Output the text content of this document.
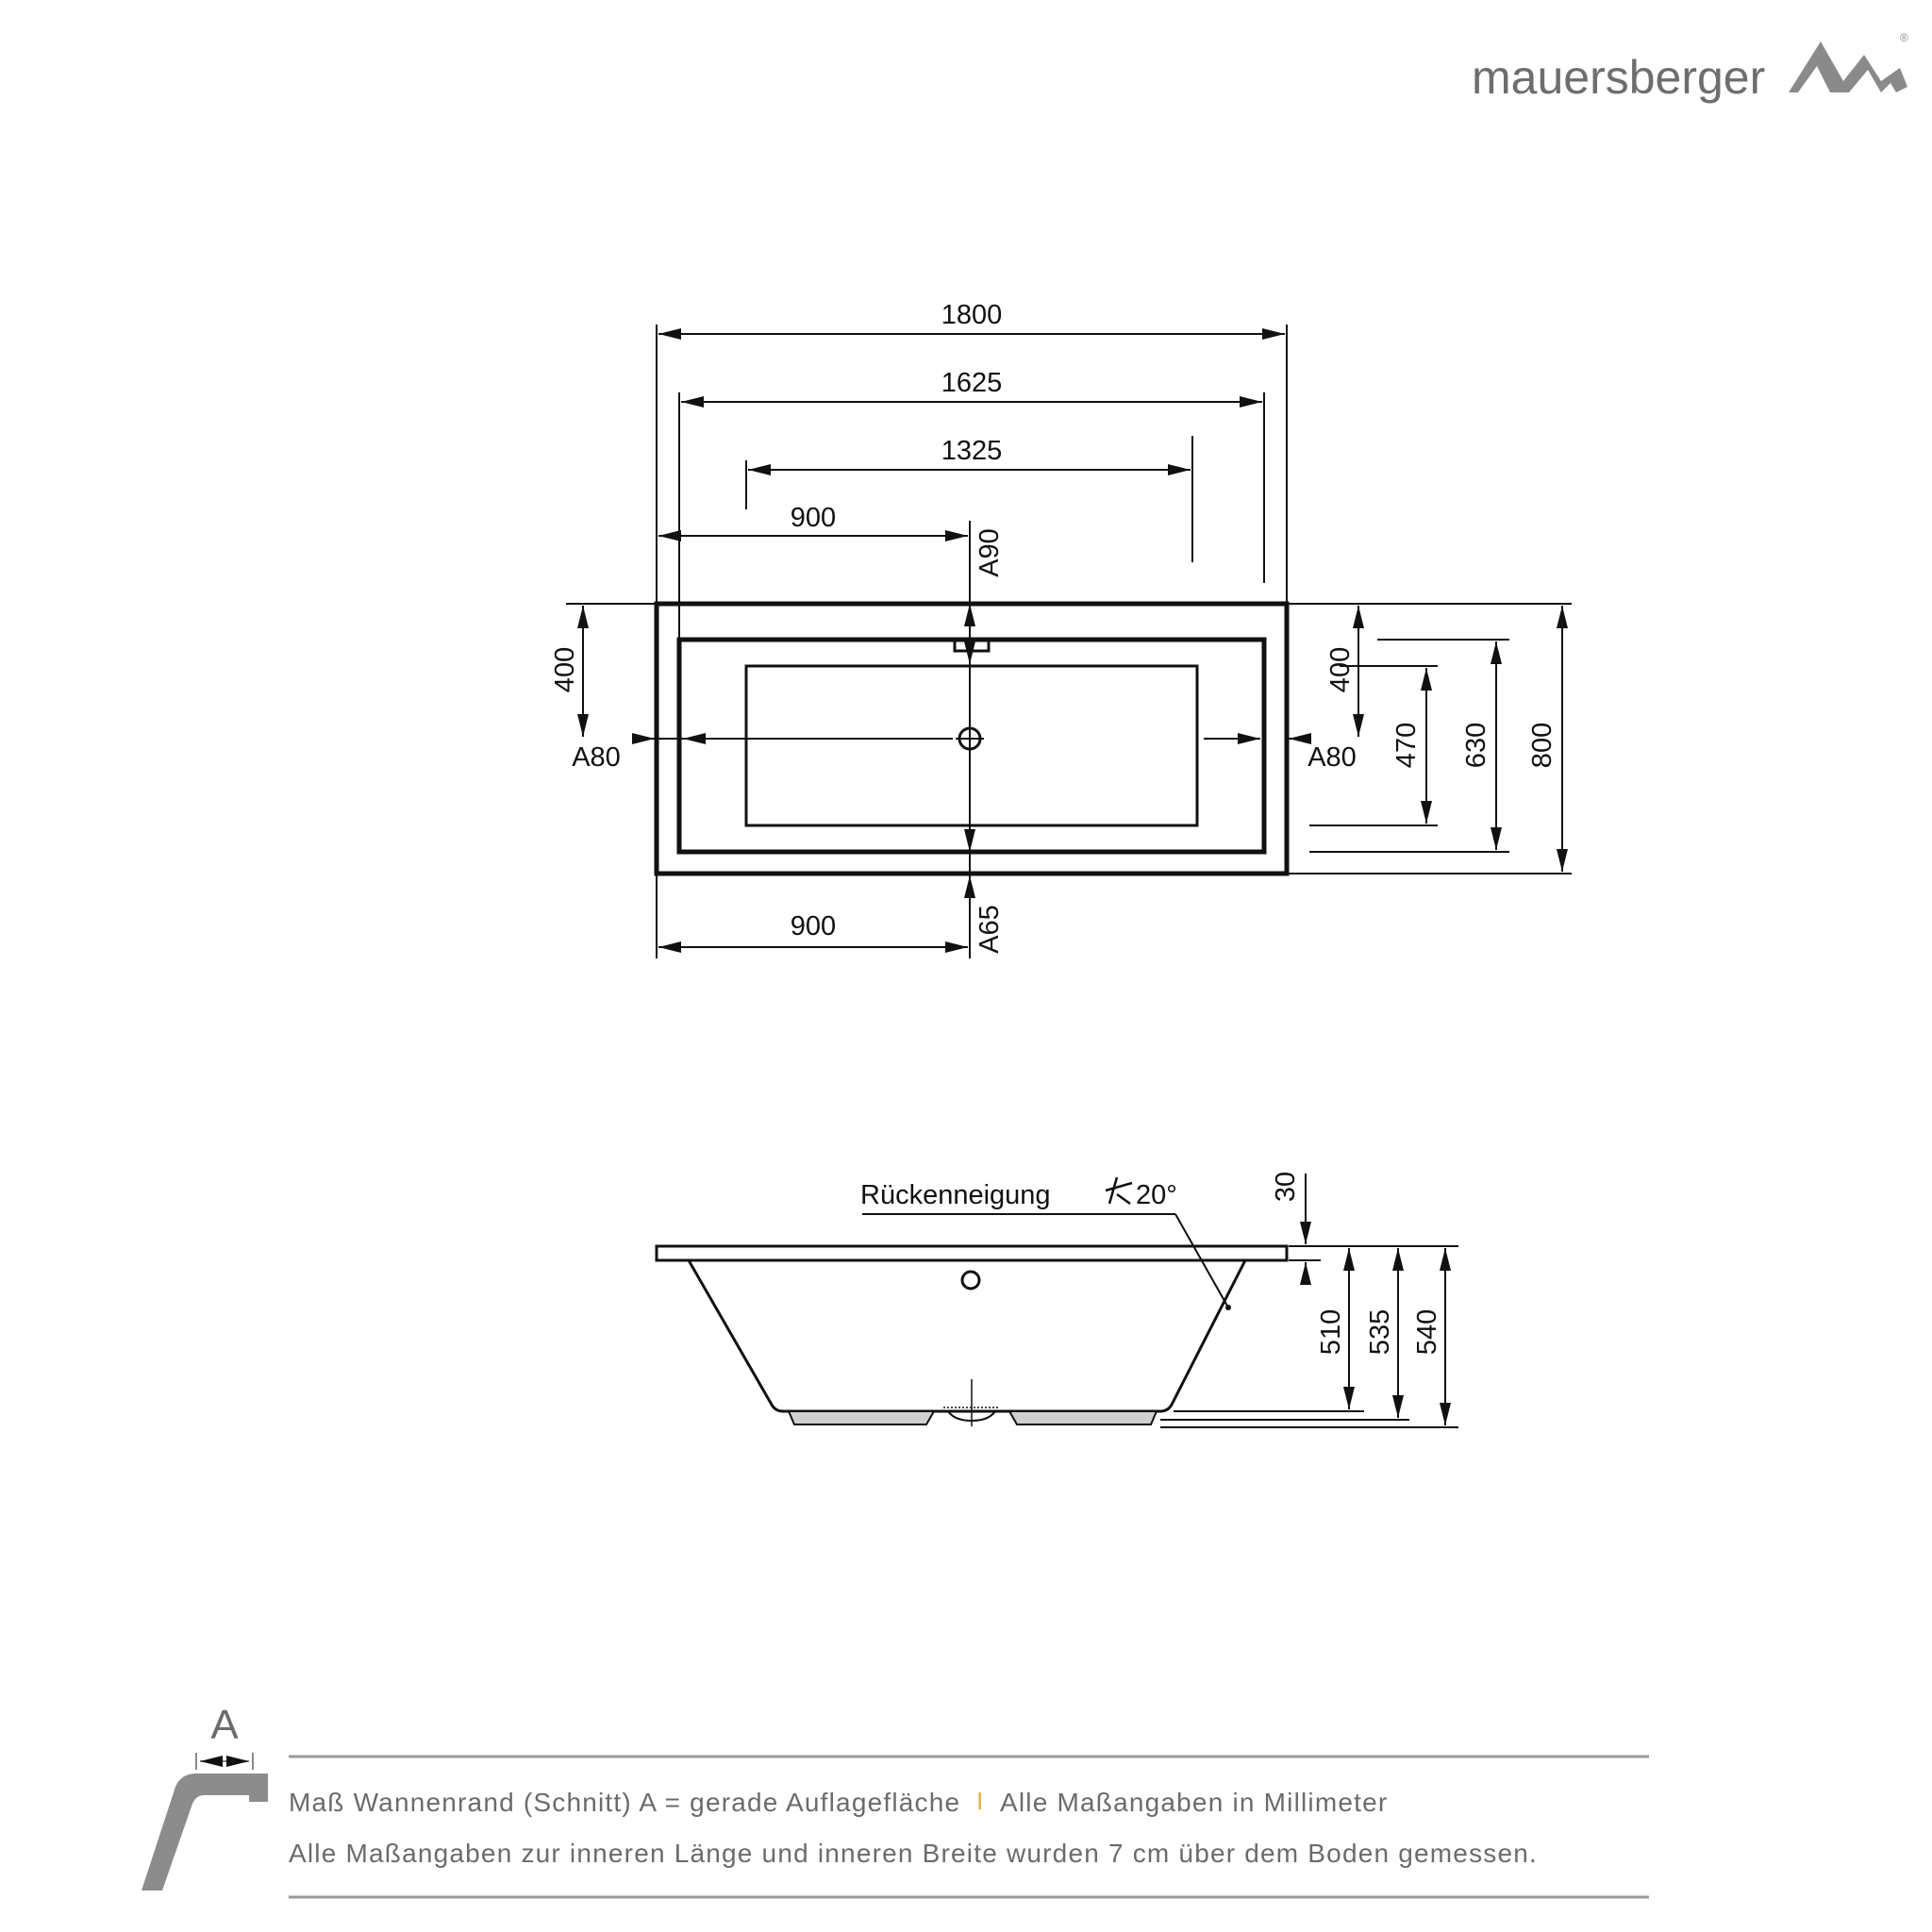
mauersberger
®
1800
1625
1325
900
900
A90
A65
A80	A80
400	400
470 630 800
Rückenneigung	20°	30
510 535 540
A
Maß Wannenrand (Schnitt) A = gerade Auflagefläche I Alle Maßangaben in Millimeter
Alle Maßangaben zur inneren Länge und inneren Breite wurden 7 cm über dem Boden gemessen.
